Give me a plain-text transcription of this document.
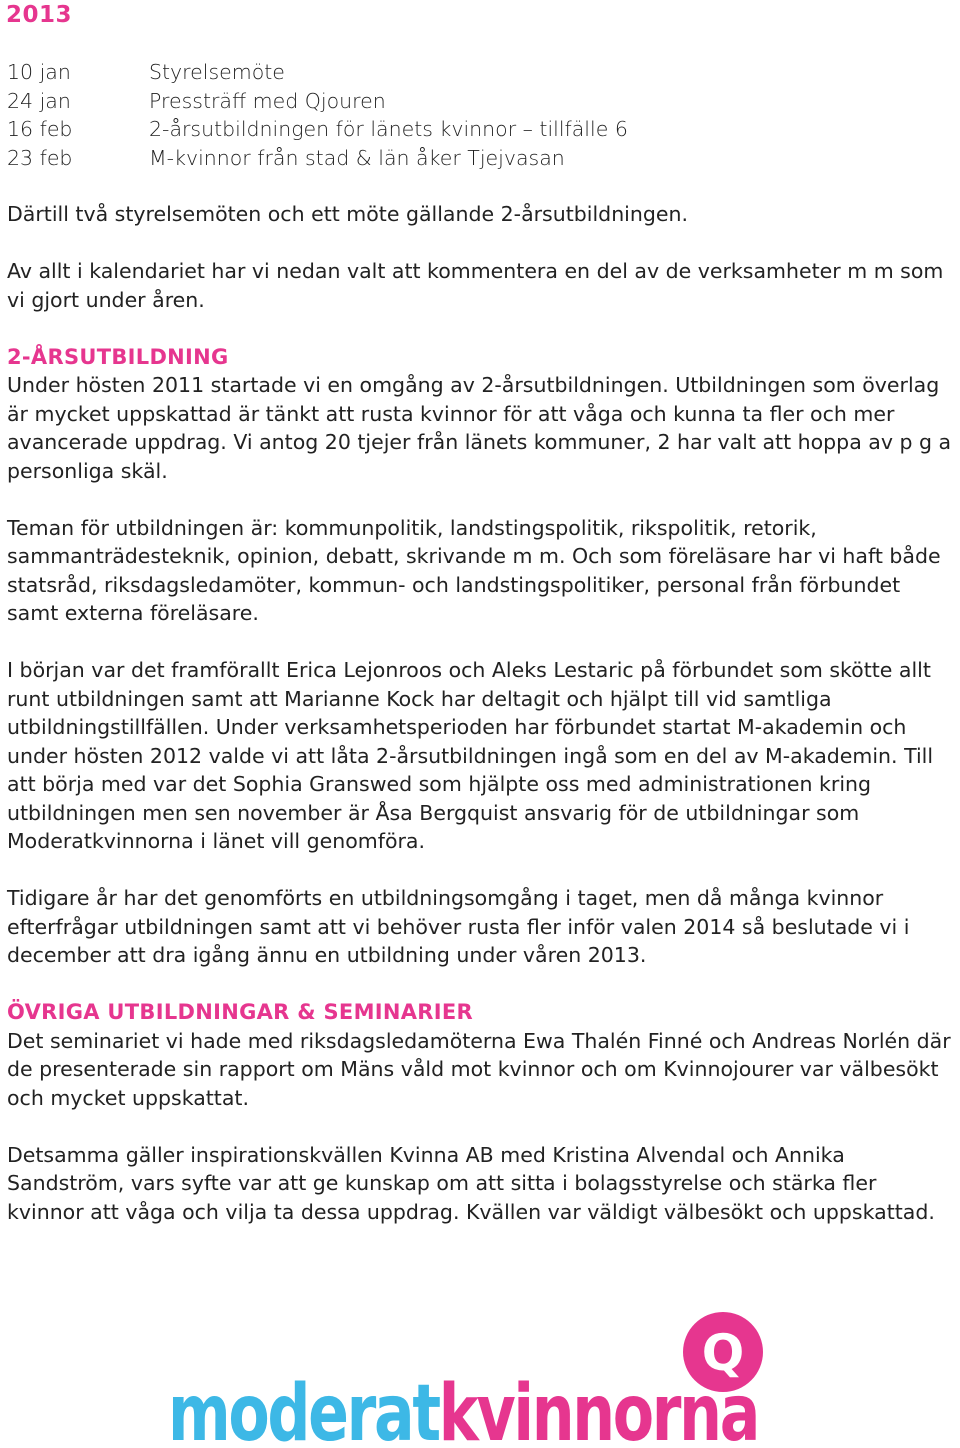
2013
10 jan	Styrelsemöte
24 jan	Pressträff med Qjouren
16 feb	2-årsutbildningen för länets kvinnor – tillfälle 6
23 feb	M-kvinnor från stad & län åker Tjejvasan

Därtill två styrelsemöten och ett möte gällande 2-årsutbildningen.

Av allt i kalendariet har vi nedan valt att kommentera en del av de verksamheter m m som vi gjort under åren.

2-ÅRSUTBILDNING

Under hösten 2011 startade vi en omgång av 2-årsutbildningen. Utbildningen som överlag är mycket uppskattad är tänkt att rusta kvinnor för att våga och kunna ta fler och mer avancerade uppdrag. Vi antog 20 tjejer från länets kommuner, 2 har valt att hoppa av p g a personliga skäl.

Teman för utbildningen är: kommunpolitik, landstingspolitik, rikspolitik, retorik, sammanträdesteknik, opinion, debatt, skrivande m m. Och som föreläsare har vi haft både statsråd, riksdagsledamöter, kommun- och landstingspolitiker, personal från förbundet samt externa föreläsare.

I början var det framförallt Erica Lejonroos och Aleks Lestaric på förbundet som skötte allt runt utbildningen samt att Marianne Kock har deltagit och hjälpt till vid samtliga utbildningstillfällen. Under verksamhetsperioden har förbundet startat M-akademin och under hösten 2012 valde vi att låta 2-årsutbildningen ingå som en del av M-akademin. Till att börja med var det Sophia Granswed som hjälpte oss med administrationen kring utbildningen men sen november är Åsa Bergquist ansvarig för de utbildningar som Moderatkvinnorna i länet vill genomföra.

Tidigare år har det genomförts en utbildningsomgång i taget, men då många kvinnor efterfrågar utbildningen samt att vi behöver rusta fler inför valen 2014 så beslutade vi i december att dra igång ännu en utbildning under våren 2013.

ÖVRIGA UTBILDNINGAR & SEMINARIER

Det seminariet vi hade med riksdagsledamöterna Ewa Thalén Finné och Andreas Norlén där de presenterade sin rapport om Mäns våld mot kvinnor och om Kvinnojourer var välbesökt och mycket uppskattat.

Detsamma gäller inspirationskvällen Kvinna AB med Kristina Alvendal och Annika Sandström, vars syfte var att ge kunskap om att sitta i bolagsstyrelse och stärka fler kvinnor att våga och vilja ta dessa uppdrag. Kvällen var väldigt välbesökt och uppskattad.

Q
moderatkvinnorna
